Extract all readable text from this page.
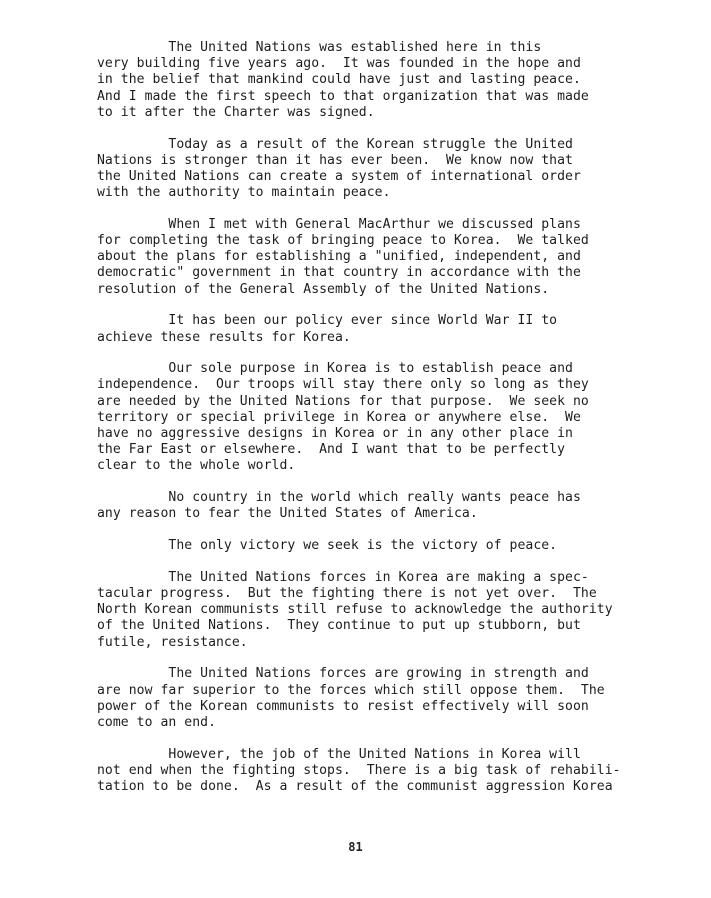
The United Nations was established here in this
very building five years ago.  It was founded in the hope and
in the belief that mankind could have just and lasting peace.
And I made the first speech to that organization that was made
to it after the Charter was signed.
Today as a result of the Korean struggle the United
Nations is stronger than it has ever been.  We know now that
the United Nations can create a system of international order
with the authority to maintain peace.
When I met with General MacArthur we discussed plans
for completing the task of bringing peace to Korea.  We talked
about the plans for establishing a "unified, independent, and
democratic" government in that country in accordance with the
resolution of the General Assembly of the United Nations.
It has been our policy ever since World War II to
achieve these results for Korea.
Our sole purpose in Korea is to establish peace and
independence.  Our troops will stay there only so long as they
are needed by the United Nations for that purpose.  We seek no
territory or special privilege in Korea or anywhere else.  We
have no aggressive designs in Korea or in any other place in
the Far East or elsewhere.  And I want that to be perfectly
clear to the whole world.
No country in the world which really wants peace has
any reason to fear the United States of America.
The only victory we seek is the victory of peace.
The United Nations forces in Korea are making a spec-
tacular progress.  But the fighting there is not yet over.  The
North Korean communists still refuse to acknowledge the authority
of the United Nations.  They continue to put up stubborn, but
futile, resistance.
The United Nations forces are growing in strength and
are now far superior to the forces which still oppose them.  The
power of the Korean communists to resist effectively will soon
come to an end.
However, the job of the United Nations in Korea will
not end when the fighting stops.  There is a big task of rehabili-
tation to be done.  As a result of the communist aggression Korea
81
